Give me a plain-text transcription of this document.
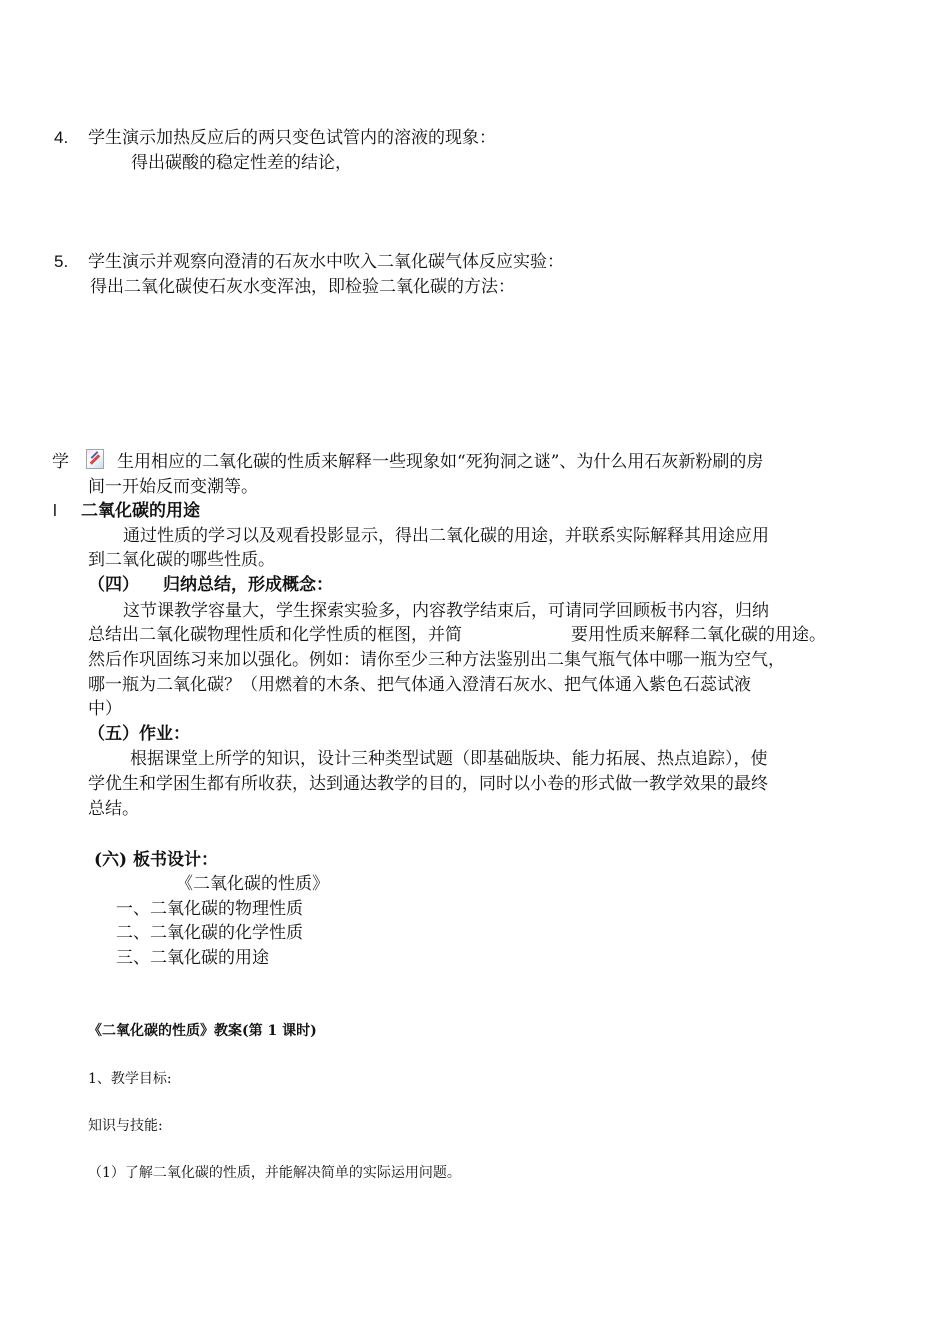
4. 学生演示加热反应后的两只变色试管内的溶液的现象：
得出碳酸的稳定性差的结论，
5. 学生演示并观察向澄清的石灰水中吹入二氧化碳气体反应实验：
得出二氧化碳使石灰水变浑浊，即检验二氧化碳的方法：
学	生用相应的二氧化碳的性质来解释一些现象如“死狗洞之谜”、为什么用石灰新粉刷的房
间一开始反而变潮等。
l 二氧化碳的用途
通过性质的学习以及观看投影显示，得出二氧化碳的用途，并联系实际解释其用途应用
到二氧化碳的哪些性质。
（四） 归纳总结，形成概念：
这节课教学容量大，学生探索实验多，内容教学结束后，可请同学回顾板书内容，归纳
总结出二氧化碳物理性质和化学性质的框图，并简	要用性质来解释二氧化碳的用途。
然后作巩固练习来加以强化。例如：请你至少三种方法鉴别出二集气瓶气体中哪一瓶为空气，
哪一瓶为二氧化碳？（用燃着的木条、把气体通入澄清石灰水、把气体通入紫色石蕊试液
中）
（五）作业：
根据课堂上所学的知识，设计三种类型试题（即基础版块、能力拓展、热点追踪），使
学优生和学困生都有所收获，达到通达教学的目的，同时以小卷的形式做一教学效果的最终
总结。
(六) 板书设计：
《二氧化碳的性质》
一、二氧化碳的物理性质
二、二氧化碳的化学性质
三、二氧化碳的用途
《二氧化碳的性质》教案(第 1 课时)
1、教学目标:
知识与技能:
（1）了解二氧化碳的性质，并能解决简单的实际运用问题。
